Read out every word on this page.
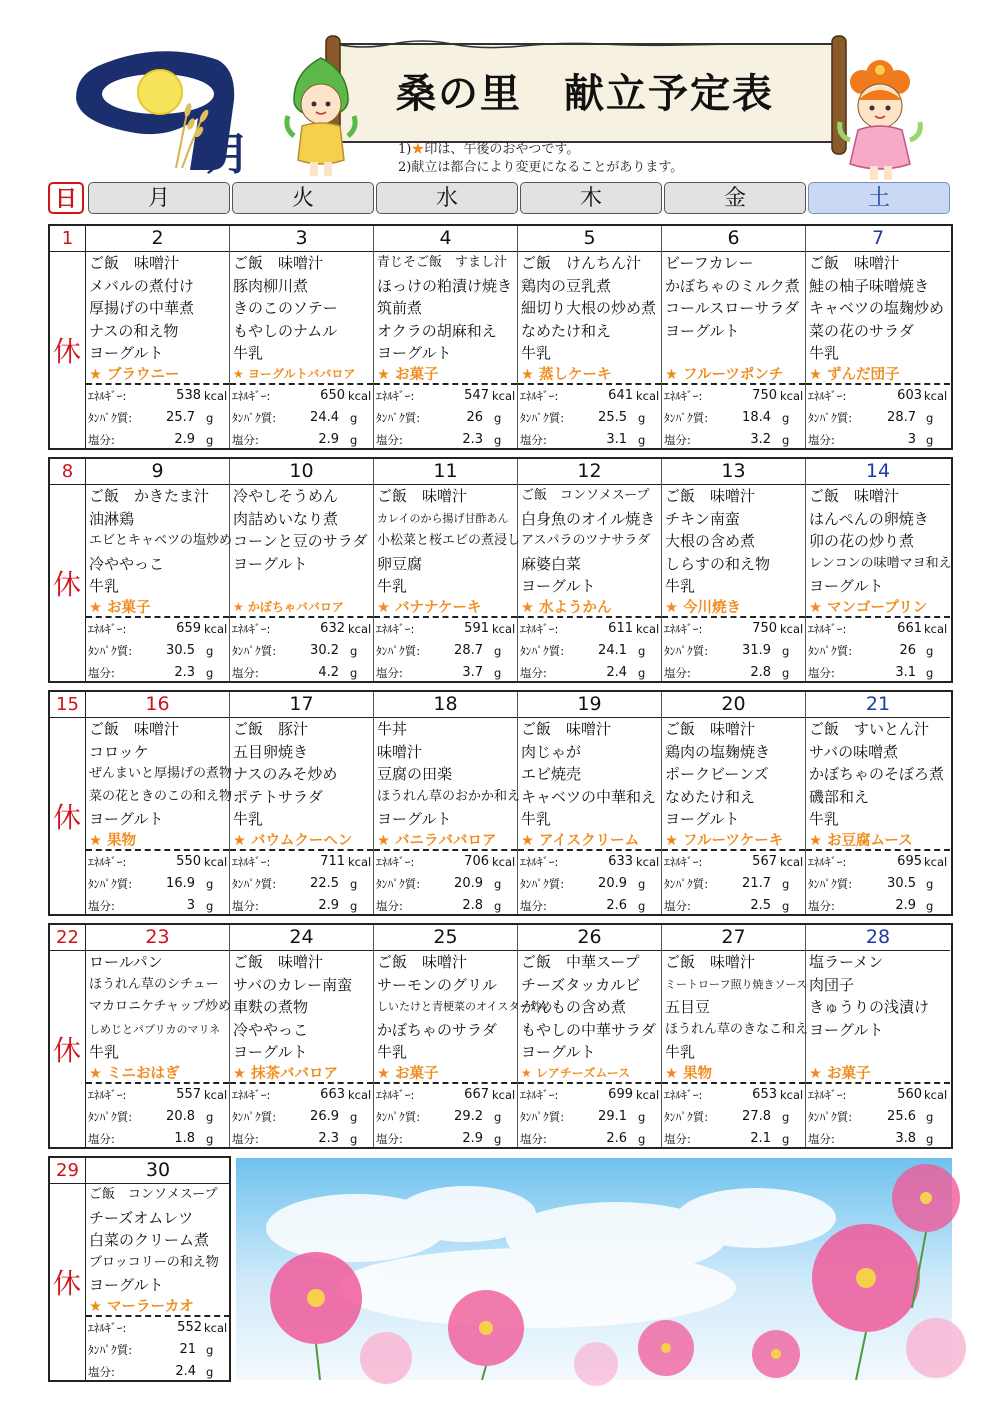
月
桑の里　献立予定表
1)★印は、午後のおやつです。
2)献立は都合により変更になることがあります。
日	月	火	水	木	金	土
1
休
2
ご飯　味噌汁
メバルの煮付け
厚揚げの中華煮
ナスの和え物
ヨーグルト
★ ブラウニー
ｴﾈﾙｷﾞｰ:	538 kcal
ﾀﾝﾊﾟｸ質:	25.7 g
塩分:	2.9 g
3
ご飯　味噌汁
豚肉柳川煮
きのこのソテー
もやしのナムル
牛乳
★ ヨーグルトババロア
ｴﾈﾙｷﾞｰ:	650 kcal
ﾀﾝﾊﾟｸ質:	24.4 g
塩分:	2.9 g
4
青じそご飯　すまし汁
ほっけの粕漬け焼き
筑前煮
オクラの胡麻和え
ヨーグルト
★ お菓子
ｴﾈﾙｷﾞｰ:	547 kcal
ﾀﾝﾊﾟｸ質:	26 g
塩分:	2.3 g
5
ご飯　けんちん汁
鶏肉の豆乳煮
細切り大根の炒め煮
なめたけ和え
牛乳
★ 蒸しケーキ
ｴﾈﾙｷﾞｰ:	641 kcal
ﾀﾝﾊﾟｸ質:	25.5 g
塩分:	3.1 g
6
ビーフカレー
かぼちゃのミルク煮
コールスローサラダ
ヨーグルト
★ フルーツポンチ
ｴﾈﾙｷﾞｰ:	750 kcal
ﾀﾝﾊﾟｸ質:	18.4 g
塩分:	3.2 g
7
ご飯　味噌汁
鮭の柚子味噌焼き
キャベツの塩麹炒め
菜の花のサラダ
牛乳
★ ずんだ団子
ｴﾈﾙｷﾞｰ:	603 kcal
ﾀﾝﾊﾟｸ質:	28.7 g
塩分:	3 g
8
休
9
ご飯　かきたま汁
油淋鶏
エビとキャベツの塩炒め
冷ややっこ
牛乳
★ お菓子
ｴﾈﾙｷﾞｰ:	659 kcal
ﾀﾝﾊﾟｸ質:	30.5 g
塩分:	2.3 g
10
冷やしそうめん
肉詰めいなり煮
コーンと豆のサラダ
ヨーグルト
★ かぼちゃババロア
ｴﾈﾙｷﾞｰ:	632 kcal
ﾀﾝﾊﾟｸ質:	30.2 g
塩分:	4.2 g
11
ご飯　味噌汁
カレイのから揚げ甘酢あん
小松菜と桜エビの煮浸し
卵豆腐
牛乳
★ バナナケーキ
ｴﾈﾙｷﾞｰ:	591 kcal
ﾀﾝﾊﾟｸ質:	28.7 g
塩分:	3.7 g
12
ご飯　コンソメスープ
白身魚のオイル焼き
アスパラのツナサラダ
麻婆白菜
ヨーグルト
★ 水ようかん
ｴﾈﾙｷﾞｰ:	611 kcal
ﾀﾝﾊﾟｸ質:	24.1 g
塩分:	2.4 g
13
ご飯　味噌汁
チキン南蛮
大根の含め煮
しらすの和え物
牛乳
★ 今川焼き
ｴﾈﾙｷﾞｰ:	750 kcal
ﾀﾝﾊﾟｸ質:	31.9 g
塩分:	2.8 g
14
ご飯　味噌汁
はんぺんの卵焼き
卯の花の炒り煮
レンコンの味噌マヨ和え
ヨーグルト
★ マンゴープリン
ｴﾈﾙｷﾞｰ:	661 kcal
ﾀﾝﾊﾟｸ質:	26 g
塩分:	3.1 g
15
休
16
ご飯　味噌汁
コロッケ
ぜんまいと厚揚げの煮物
菜の花ときのこの和え物
ヨーグルト
★ 果物
ｴﾈﾙｷﾞｰ:	550 kcal
ﾀﾝﾊﾟｸ質:	16.9 g
塩分:	3 g
17
ご飯　豚汁
五目卵焼き
ナスのみそ炒め
ポテトサラダ
牛乳
★ バウムクーヘン
ｴﾈﾙｷﾞｰ:	711 kcal
ﾀﾝﾊﾟｸ質:	22.5 g
塩分:	2.9 g
18
牛丼
味噌汁
豆腐の田楽
ほうれん草のおかか和え
ヨーグルト
★ バニラババロア
ｴﾈﾙｷﾞｰ:	706 kcal
ﾀﾝﾊﾟｸ質:	20.9 g
塩分:	2.8 g
19
ご飯　味噌汁
肉じゃが
エビ焼売
キャベツの中華和え
牛乳
★ アイスクリーム
ｴﾈﾙｷﾞｰ:	633 kcal
ﾀﾝﾊﾟｸ質:	20.9 g
塩分:	2.6 g
20
ご飯　味噌汁
鶏肉の塩麹焼き
ポークビーンズ
なめたけ和え
ヨーグルト
★ フルーツケーキ
ｴﾈﾙｷﾞｰ:	567 kcal
ﾀﾝﾊﾟｸ質:	21.7 g
塩分:	2.5 g
21
ご飯　すいとん汁
サバの味噌煮
かぼちゃのそぼろ煮
磯部和え
牛乳
★ お豆腐ムース
ｴﾈﾙｷﾞｰ:	695 kcal
ﾀﾝﾊﾟｸ質:	30.5 g
塩分:	2.9 g
22
休
23
ロールパン
ほうれん草のシチュー
マカロニケチャップ炒め
しめじとパプリカのマリネ
牛乳
★ ミニおはぎ
ｴﾈﾙｷﾞｰ:	557 kcal
ﾀﾝﾊﾟｸ質:	20.8 g
塩分:	1.8 g
24
ご飯　味噌汁
サバのカレー南蛮
車麩の煮物
冷ややっこ
ヨーグルト
★ 抹茶ババロア
ｴﾈﾙｷﾞｰ:	663 kcal
ﾀﾝﾊﾟｸ質:	26.9 g
塩分:	2.3 g
25
ご飯　味噌汁
サーモンのグリル
しいたけと青梗菜のオイスター炒め
かぼちゃのサラダ
牛乳
★ お菓子
ｴﾈﾙｷﾞｰ:	667 kcal
ﾀﾝﾊﾟｸ質:	29.2 g
塩分:	2.9 g
26
ご飯　中華スープ
チーズタッカルビ
がんもの含め煮
もやしの中華サラダ
ヨーグルト
★ レアチーズムース
ｴﾈﾙｷﾞｰ:	699 kcal
ﾀﾝﾊﾟｸ質:	29.1 g
塩分:	2.6 g
27
ご飯　味噌汁
ミートローフ照り焼きソース
五目豆
ほうれん草のきなこ和え
牛乳
★ 果物
ｴﾈﾙｷﾞｰ:	653 kcal
ﾀﾝﾊﾟｸ質:	27.8 g
塩分:	2.1 g
28
塩ラーメン
肉団子
きゅうりの浅漬け
ヨーグルト
★ お菓子
ｴﾈﾙｷﾞｰ:	560 kcal
ﾀﾝﾊﾟｸ質:	25.6 g
塩分:	3.8 g
29
休
30
ご飯　コンソメスープ
チーズオムレツ
白菜のクリーム煮
ブロッコリーの和え物
ヨーグルト
★ マーラーカオ
ｴﾈﾙｷﾞｰ:	552 kcal
ﾀﾝﾊﾟｸ質:	21 g
塩分:	2.4 g
